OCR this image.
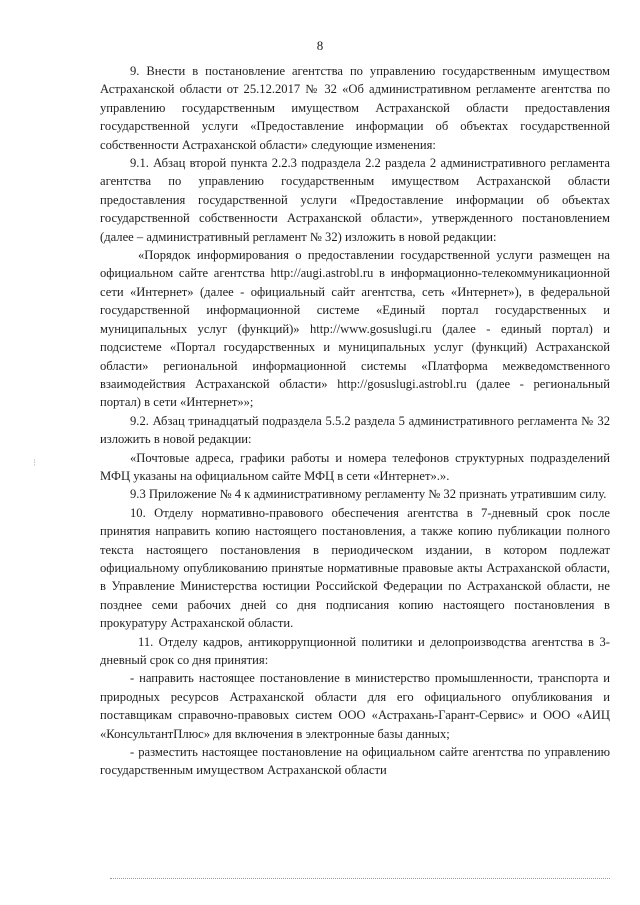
8
⁝

9. Внести в постановление агентства по управлению государственным имуществом Астраханской области от 25.12.2017 № 32 «Об административном регламенте агентства по управлению государственным имуществом Астраханской области предоставления государственной услуги «Предоставление информации об объектах государственной собственности Астраханской области» следующие изменения:

9.1. Абзац второй пункта 2.2.3 подраздела 2.2 раздела 2 административного регламента агентства по управлению государственным имуществом Астраханской области предоставления государственной услуги «Предоставление информации об объектах государственной собственности Астраханской области», утвержденного постановлением (далее – административный регламент № 32) изложить в новой редакции:

«Порядок информирования о предоставлении государственной услуги размещен на официальном сайте агентства http://augi.astrobl.ru в информационно-телекоммуникационной сети «Интернет» (далее - официальный сайт агентства, сеть «Интернет»), в федеральной государственной информационной системе «Единый портал государственных и муниципальных услуг (функций)» http://www.gosuslugi.ru (далее - единый портал) и подсистеме «Портал государственных и муниципальных услуг (функций) Астраханской области» региональной информационной системы «Платформа межведомственного взаимодействия Астраханской области» http://gosuslugi.astrobl.ru (далее - региональный портал) в сети «Интернет»»;

9.2. Абзац тринадцатый подраздела 5.5.2 раздела 5 административного регламента № 32 изложить в новой редакции:

«Почтовые адреса, графики работы и номера телефонов структурных подразделений МФЦ указаны на официальном сайте МФЦ в сети «Интернет».».

9.3 Приложение № 4 к административному регламенту № 32 признать утратившим силу.

10. Отделу нормативно-правового обеспечения агентства в 7-дневный срок после принятия направить копию настоящего постановления, а также копию публикации полного текста настоящего постановления в периодическом издании, в котором подлежат официальному опубликованию принятые нормативные правовые акты Астраханской области, в Управление Министерства юстиции Российской Федерации по Астраханской области, не позднее семи рабочих дней со дня подписания копию настоящего постановления в прокуратуру Астраханской области.

11. Отделу кадров, антикоррупционной политики и делопроизводства агентства в 3-дневный срок со дня принятия:

- направить настоящее постановление в министерство промышленности, транспорта и природных ресурсов Астраханской области для его официального опубликования и поставщикам справочно-правовых систем ООО «Астрахань-Гарант-Сервис» и ООО «АИЦ «КонсультантПлюс» для включения в электронные базы данных;

- разместить настоящее постановление на официальном сайте агентства по управлению государственным имуществом Астраханской области
